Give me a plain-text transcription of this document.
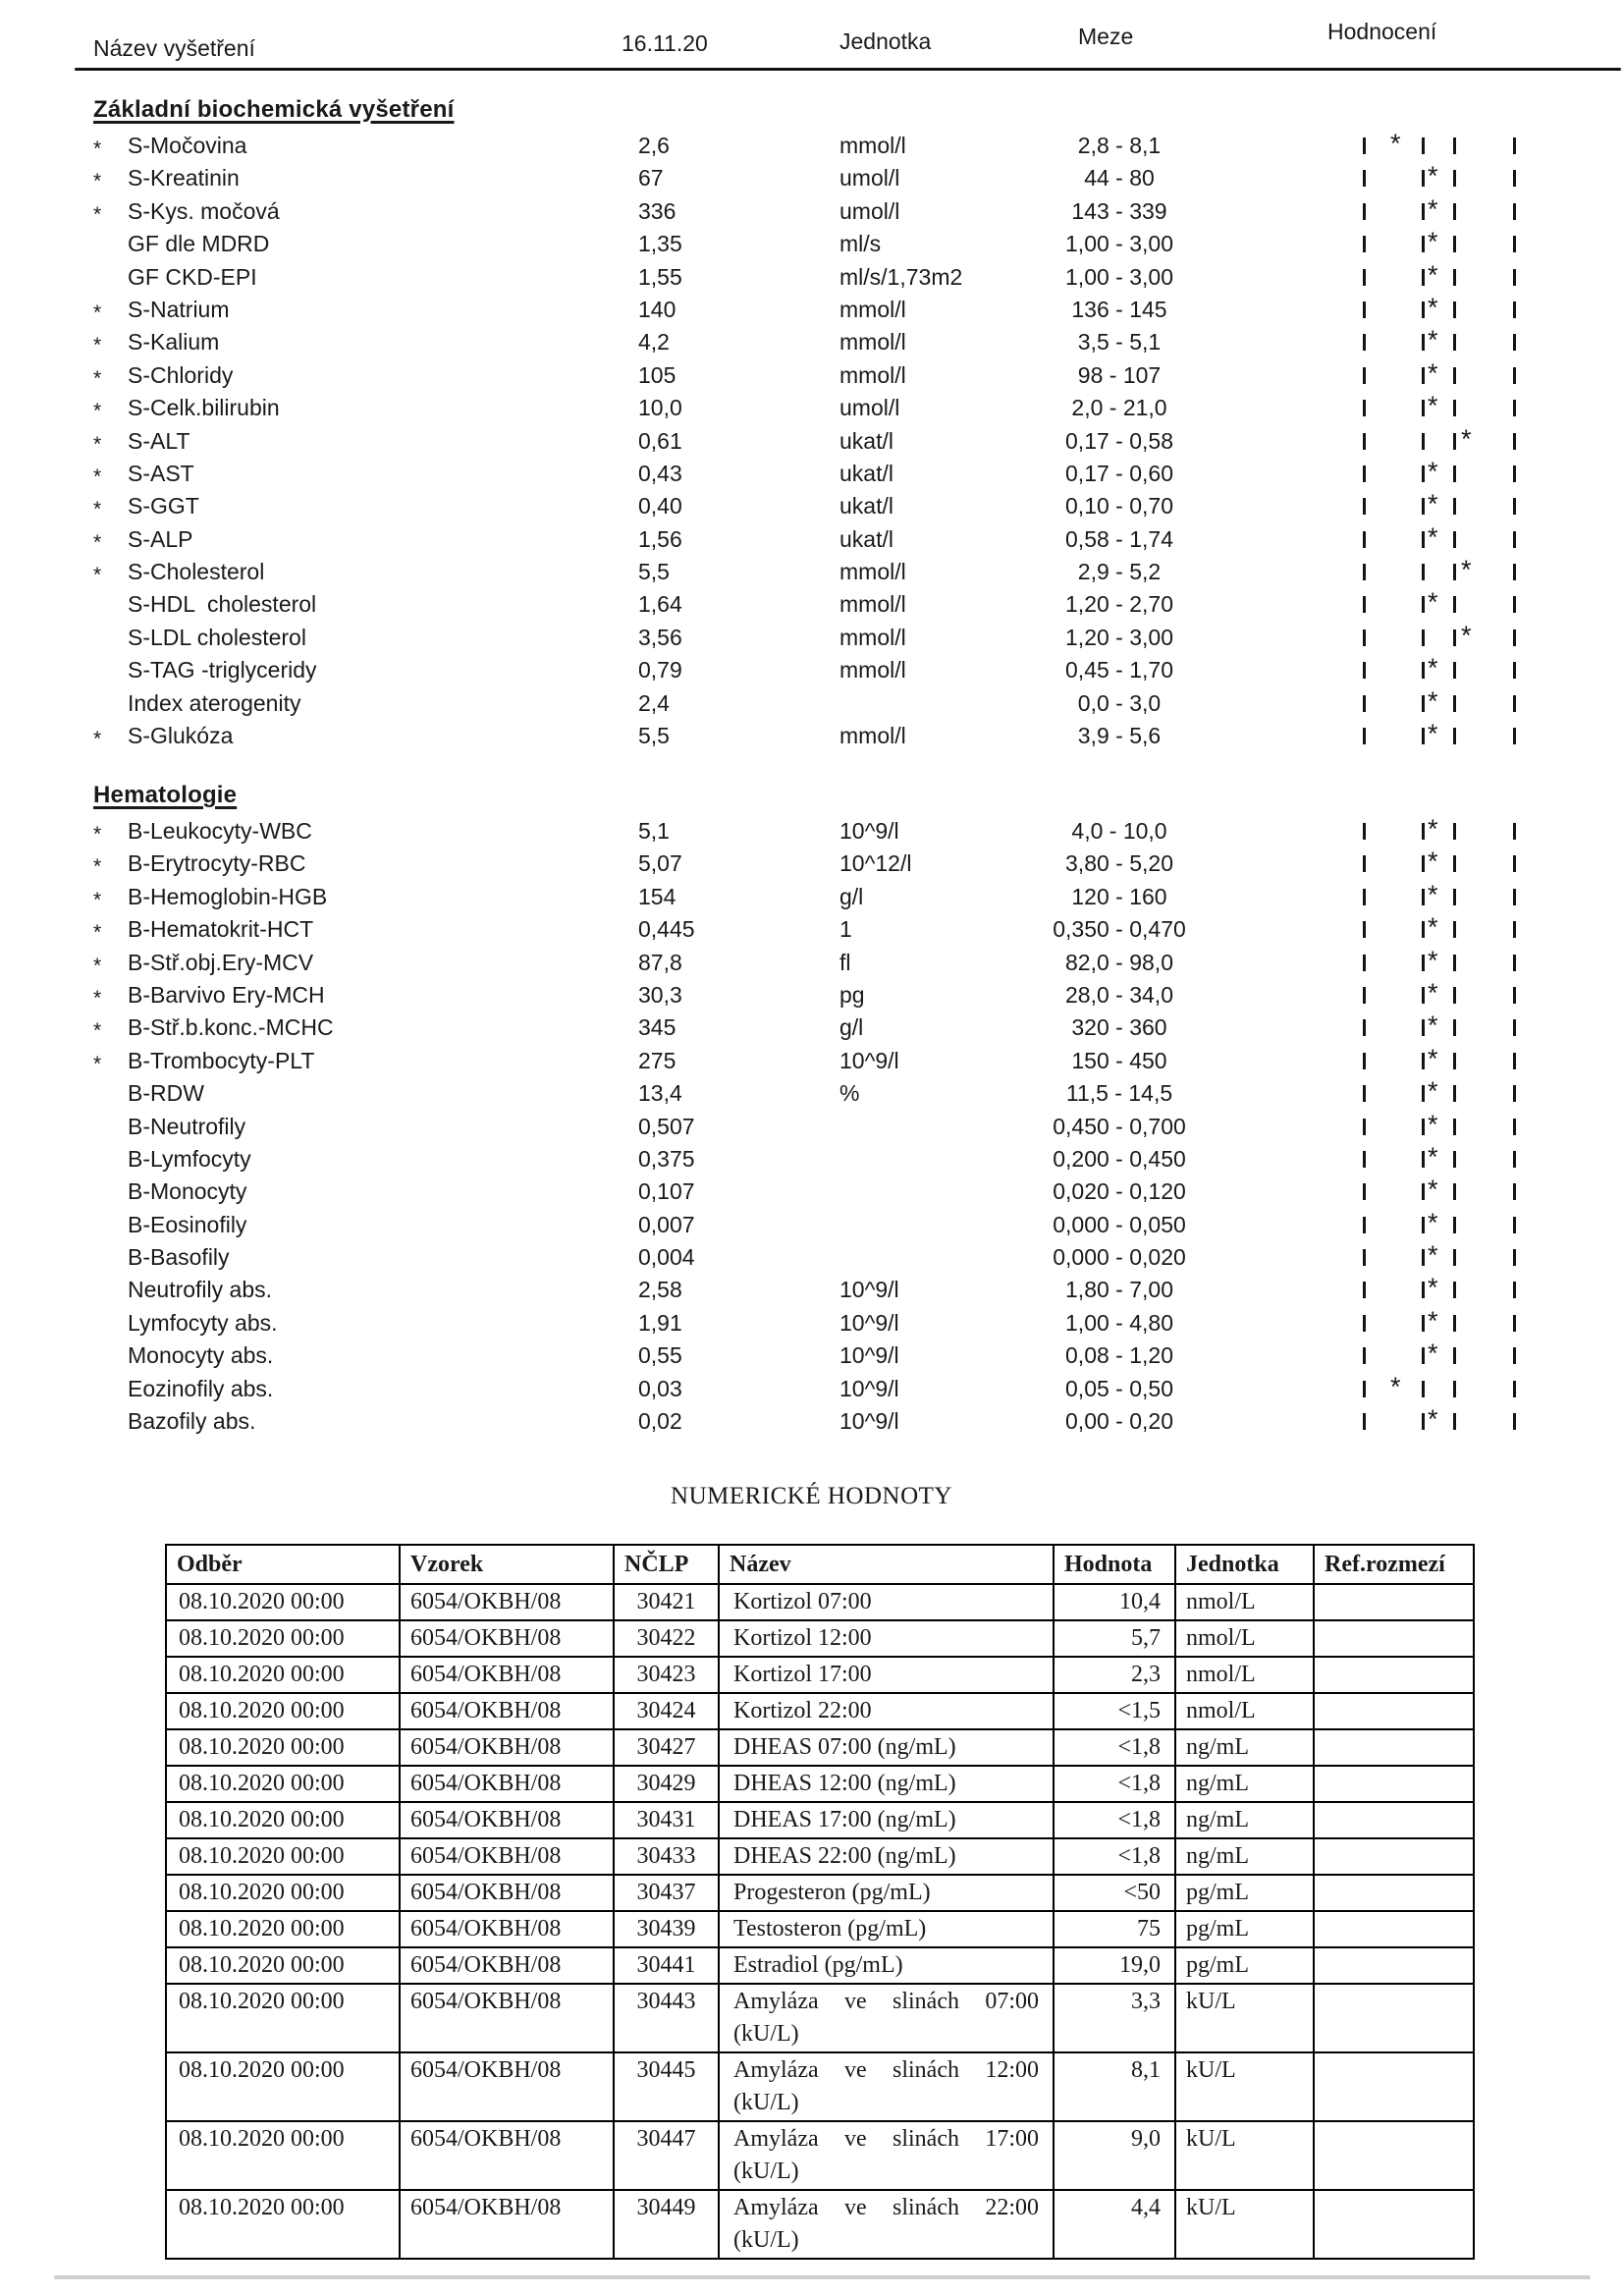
Název vyšetření	16.11.20	Jednotka	Meze	Hodnocení
Základní biochemická vyšetření
*	S-Močovina	2,6	mmol/l	2,8 - 8,1	*
*	S-Kreatinin	67	umol/l	44 - 80	*
*	S-Kys. močová	336	umol/l	143 - 339	*
GF dle MDRD	1,35	ml/s	1,00 - 3,00	*
GF CKD-EPI	1,55	ml/s/1,73m2	1,00 - 3,00	*
*	S-Natrium	140	mmol/l	136 - 145	*
*	S-Kalium	4,2	mmol/l	3,5 - 5,1	*
*	S-Chloridy	105	mmol/l	98 - 107	*
*	S-Celk.bilirubin	10,0	umol/l	2,0 - 21,0	*
*	S-ALT	0,61	ukat/l	0,17 - 0,58	*
*	S-AST	0,43	ukat/l	0,17 - 0,60	*
*	S-GGT	0,40	ukat/l	0,10 - 0,70	*
*	S-ALP	1,56	ukat/l	0,58 - 1,74	*
*	S-Cholesterol	5,5	mmol/l	2,9 - 5,2	*
S-HDL  cholesterol	1,64	mmol/l	1,20 - 2,70	*
S-LDL cholesterol	3,56	mmol/l	1,20 - 3,00	*
S-TAG -triglyceridy	0,79	mmol/l	0,45 - 1,70	*
Index aterogenity	2,4	0,0 - 3,0	*
*	S-Glukóza	5,5	mmol/l	3,9 - 5,6	*
Hematologie
*	B-Leukocyty-WBC	5,1	10^9/l	4,0 - 10,0	*
*	B-Erytrocyty-RBC	5,07	10^12/l	3,80 - 5,20	*
*	B-Hemoglobin-HGB	154	g/l	120 - 160	*
*	B-Hematokrit-HCT	0,445	1	0,350 - 0,470	*
*	B-Stř.obj.Ery-MCV	87,8	fl	82,0 - 98,0	*
*	B-Barvivo Ery-MCH	30,3	pg	28,0 - 34,0	*
*	B-Stř.b.konc.-MCHC	345	g/l	320 - 360	*
*	B-Trombocyty-PLT	275	10^9/l	150 - 450	*
B-RDW	13,4	%	11,5 - 14,5	*
B-Neutrofily	0,507	0,450 - 0,700	*
B-Lymfocyty	0,375	0,200 - 0,450	*
B-Monocyty	0,107	0,020 - 0,120	*
B-Eosinofily	0,007	0,000 - 0,050	*
B-Basofily	0,004	0,000 - 0,020	*
Neutrofily abs.	2,58	10^9/l	1,80 - 7,00	*
Lymfocyty abs.	1,91	10^9/l	1,00 - 4,80	*
Monocyty abs.	0,55	10^9/l	0,08 - 1,20	*
Eozinofily abs.	0,03	10^9/l	0,05 - 0,50	*
Bazofily abs.	0,02	10^9/l	0,00 - 0,20	*
NUMERICKÉ HODNOTY
Odběr	Vzorek	NČLP	Název	Hodnota	Jednotka	Ref.rozmezí
08.10.2020 00:00	6054/OKBH/08	30421	Kortizol 07:00	10,4	nmol/L	
08.10.2020 00:00	6054/OKBH/08	30422	Kortizol 12:00	5,7	nmol/L	
08.10.2020 00:00	6054/OKBH/08	30423	Kortizol 17:00	2,3	nmol/L	
08.10.2020 00:00	6054/OKBH/08	30424	Kortizol 22:00	<1,5	nmol/L	
08.10.2020 00:00	6054/OKBH/08	30427	DHEAS 07:00 (ng/mL)	<1,8	ng/mL	
08.10.2020 00:00	6054/OKBH/08	30429	DHEAS 12:00 (ng/mL)	<1,8	ng/mL	
08.10.2020 00:00	6054/OKBH/08	30431	DHEAS 17:00 (ng/mL)	<1,8	ng/mL	
08.10.2020 00:00	6054/OKBH/08	30433	DHEAS 22:00 (ng/mL)	<1,8	ng/mL	
08.10.2020 00:00	6054/OKBH/08	30437	Progesteron (pg/mL)	<50	pg/mL	
08.10.2020 00:00	6054/OKBH/08	30439	Testosteron (pg/mL)	75	pg/mL	
08.10.2020 00:00	6054/OKBH/08	30441	Estradiol (pg/mL)	19,0	pg/mL	
08.10.2020 00:00	6054/OKBH/08	30443	Amyláza ve slinách 07:00 (kU/L)	3,3	kU/L	
08.10.2020 00:00	6054/OKBH/08	30445	Amyláza ve slinách 12:00 (kU/L)	8,1	kU/L	
08.10.2020 00:00	6054/OKBH/08	30447	Amyláza ve slinách 17:00 (kU/L)	9,0	kU/L	
08.10.2020 00:00	6054/OKBH/08	30449	Amyláza ve slinách 22:00 (kU/L)	4,4	kU/L	
